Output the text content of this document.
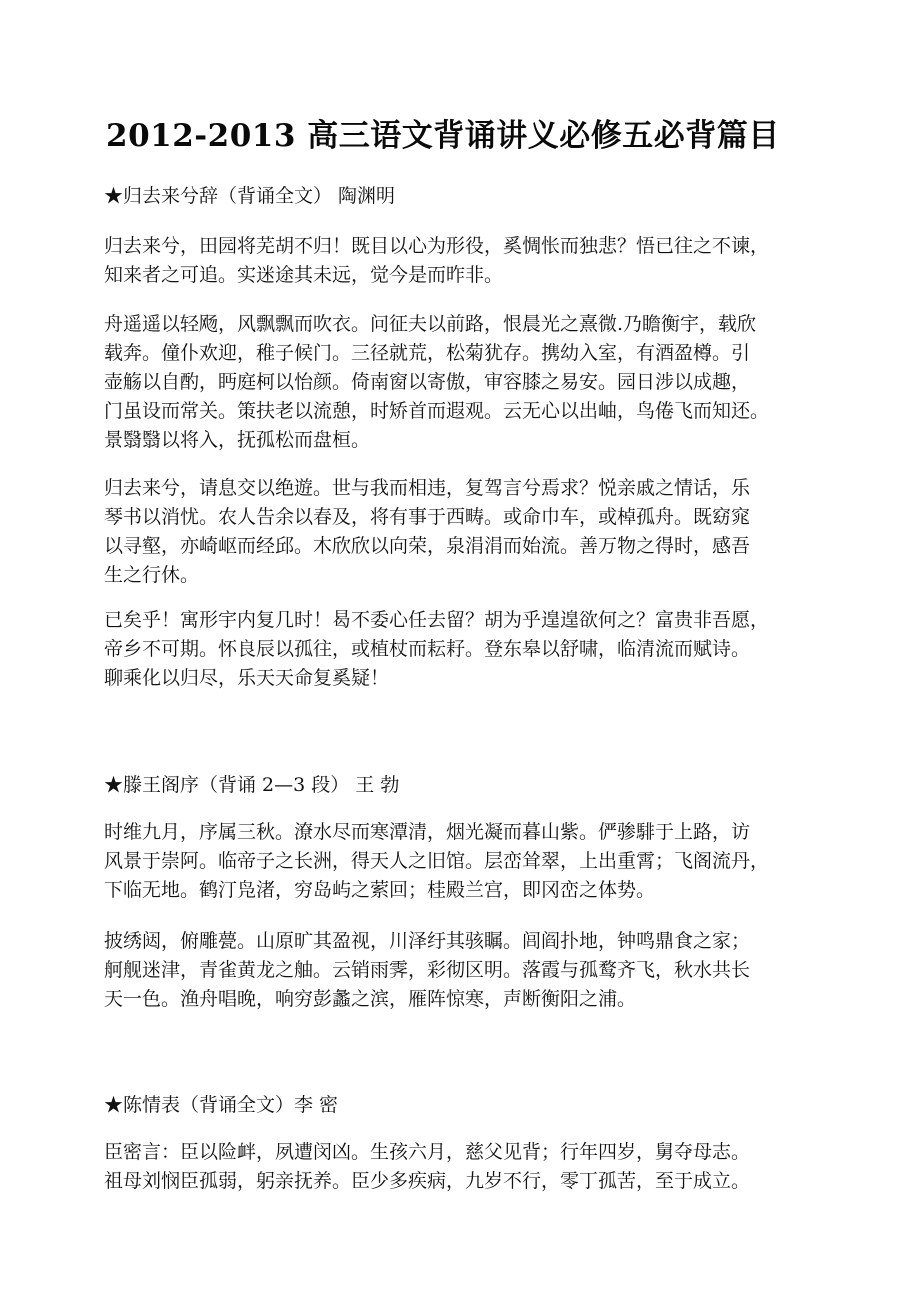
2012-2013 高三语文背诵讲义必修五必背篇目
★归去来兮辞（背诵全文） 陶渊明
归去来兮，田园将芜胡不归！既目以心为形役，奚惆怅而独悲？悟已往之不谏，
知来者之可追。实迷途其未远，觉今是而昨非。
舟遥遥以轻飏，风飘飘而吹衣。问征夫以前路，恨晨光之熹微.乃瞻衡宇，载欣
载奔。僮仆欢迎，稚子候门。三径就荒，松菊犹存。携幼入室，有酒盈樽。引
壶觞以自酌，眄庭柯以怡颜。倚南窗以寄傲，审容膝之易安。园日涉以成趣，
门虽设而常关。策扶老以流憩，时矫首而遐观。云无心以出岫，鸟倦飞而知还。
景翳翳以将入，抚孤松而盘桓。
归去来兮，请息交以绝遊。世与我而相违，复驾言兮焉求？悦亲戚之情话，乐
琴书以消忧。农人告余以春及，将有事于西畴。或命巾车，或棹孤舟。既窈窕
以寻壑，亦崎岖而经邱。木欣欣以向荣，泉涓涓而始流。善万物之得时，感吾
生之行休。
已矣乎！寓形宇内复几时！曷不委心任去留？胡为乎遑遑欲何之？富贵非吾愿，
帝乡不可期。怀良辰以孤往，或植杖而耘耔。登东皋以舒啸，临清流而赋诗。
聊乘化以归尽，乐天天命复奚疑！
★滕王阁序（背诵 2—3 段） 王 勃
时维九月，序属三秋。潦水尽而寒潭清，烟光凝而暮山紫。俨骖騑于上路，访
风景于崇阿。临帝子之长洲，得天人之旧馆。层峦耸翠，上出重霄；飞阁流丹，
下临无地。鹤汀凫渚，穷岛屿之萦回；桂殿兰宫，即冈峦之体势。
披绣闼，俯雕甍。山原旷其盈视，川泽纡其骇瞩。闾阎扑地，钟鸣鼎食之家；
舸舰迷津，青雀黄龙之舳。云销雨霁，彩彻区明。落霞与孤鹜齐飞，秋水共长
天一色。渔舟唱晚，响穷彭蠡之滨，雁阵惊寒，声断衡阳之浦。
★陈情表（背诵全文）李 密
臣密言：臣以险衅，夙遭闵凶。生孩六月，慈父见背；行年四岁，舅夺母志。
祖母刘悯臣孤弱，躬亲抚养。臣少多疾病，九岁不行，零丁孤苦，至于成立。
